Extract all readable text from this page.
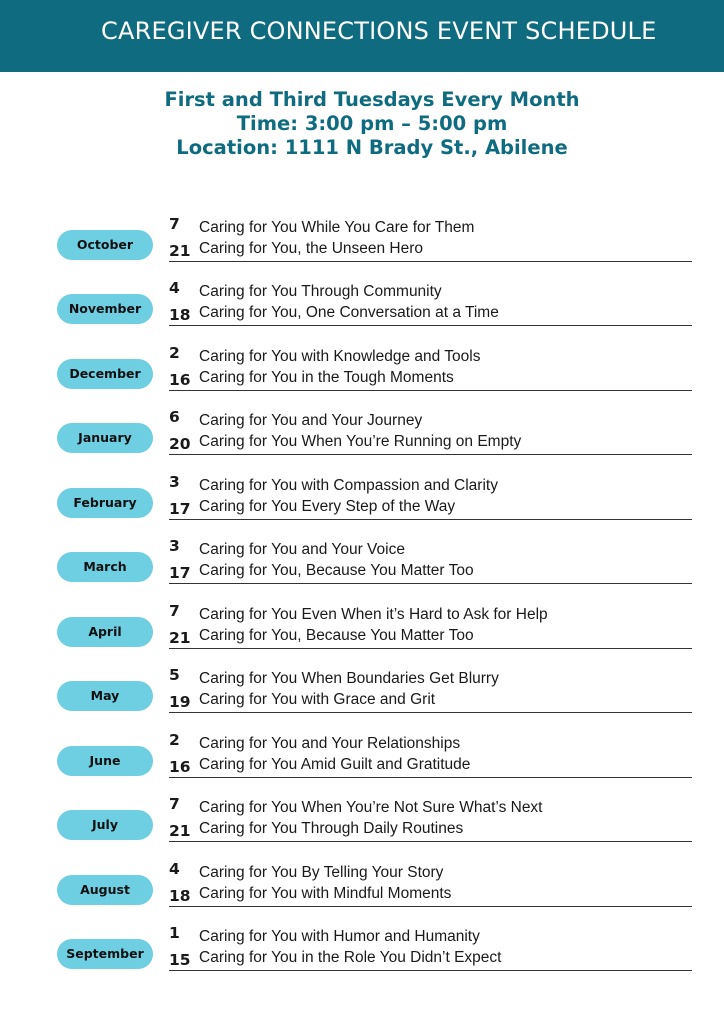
CAREGIVER CONNECTIONS EVENT SCHEDULE
First and Third Tuesdays Every Month
Time: 3:00 pm – 5:00 pm
Location: 1111 N Brady St., Abilene
October
7 Caring for You While You Care for Them
21 Caring for You, the Unseen Hero
November
4 Caring for You Through Community
18 Caring for You, One Conversation at a Time
December
2 Caring for You with Knowledge and Tools
16 Caring for You in the Tough Moments
January
6 Caring for You and Your Journey
20 Caring for You When You’re Running on Empty
February
3 Caring for You with Compassion and Clarity
17 Caring for You Every Step of the Way
March
3 Caring for You and Your Voice
17 Caring for You, Because You Matter Too
April
7 Caring for You Even When it’s Hard to Ask for Help
21 Caring for You, Because You Matter Too
May
5 Caring for You When Boundaries Get Blurry
19 Caring for You with Grace and Grit
June
2 Caring for You and Your Relationships
16 Caring for You Amid Guilt and Gratitude
July
7 Caring for You When You’re Not Sure What’s Next
21 Caring for You Through Daily Routines
August
4 Caring for You By Telling Your Story
18 Caring for You with Mindful Moments
September
1 Caring for You with Humor and Humanity
15 Caring for You in the Role You Didn’t Expect
